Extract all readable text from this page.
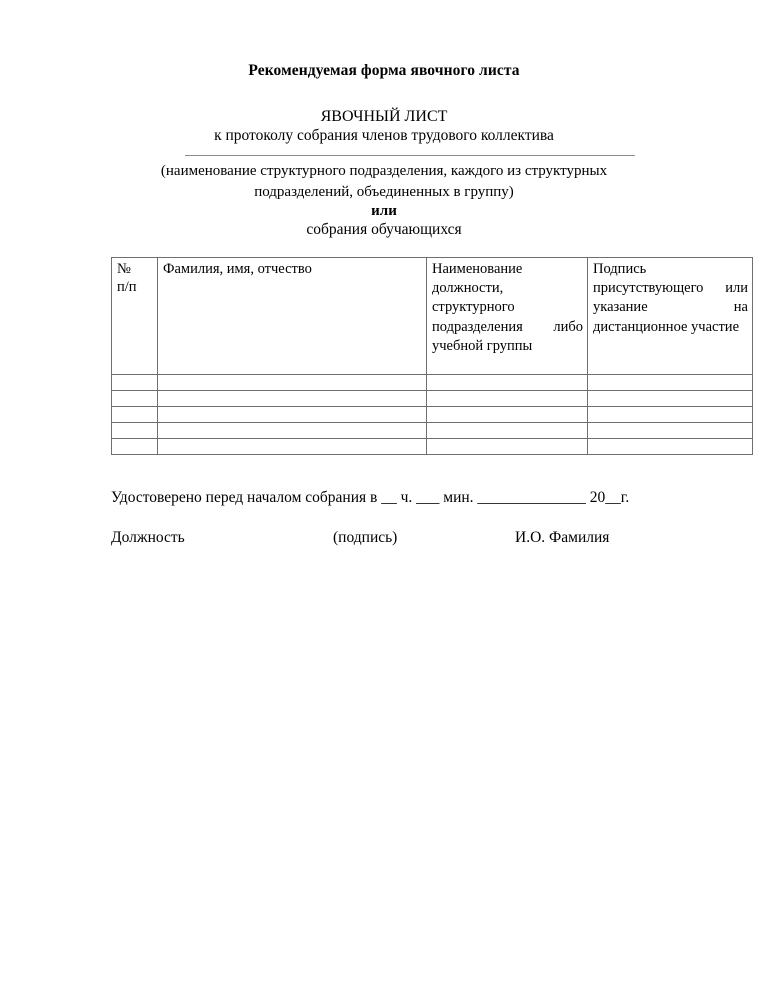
Рекомендуемая форма явочного листа
ЯВОЧНЫЙ ЛИСТ
к протоколу собрания членов трудового коллектива
(наименование структурного подразделения, каждого из структурных подразделений, объединенных в группу)
или
собрания обучающихся
№
п/п	Фамилия, имя, отчество	Наименование должности, структурного подразделения либо учебной группы	Подпись присутствующего или указание на дистанционное участие

Удостоверено перед началом собрания в __ ч. ___ мин. ______________ 20__г.
Должность	(подпись)	И.О. Фамилия
